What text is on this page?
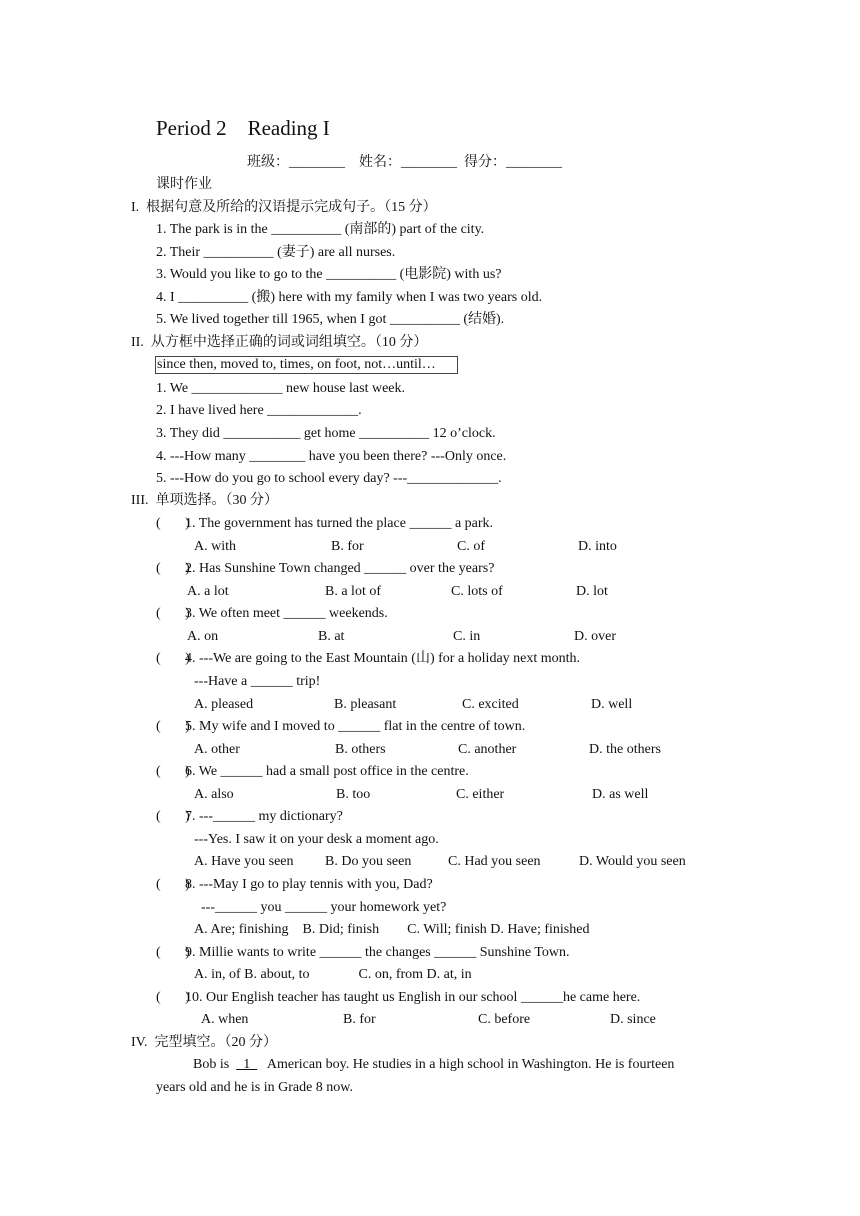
Period 2    Reading I
班级：________    姓名：________  得分：________
课时作业
I.  根据句意及所给的汉语提示完成句子。（15 分）
1. The park is in the __________ (南部的) part of the city.
2. Their __________ (妻子) are all nurses.
3. Would you like to go to the __________ (电影院) with us?
4. I __________ (搬) here with my family when I was two years old.
5. We lived together till 1965, when I got __________ (结婚).
II.  从方框中选择正确的词或词组填空。（10 分）
since then, moved to, times, on foot, not…until…
1. We _____________ new house last week.
2. I have lived here _____________.
3. They did ___________ get home __________ 12 o’clock.
4. ---How many ________ have you been there? ---Only once.
5. ---How do you go to school every day? ---_____________.
III.  单项选择。（30 分）
(       )
1. The government has turned the place ______ a park.
A. with	B. for	C. of	D. into
(       )
2. Has Sunshine Town changed ______ over the years?
A. a lot	B. a lot of	C. lots of	D. lot
(       )
3. We often meet ______ weekends.
A. on	B. at	C. in	D. over
(       )
4. ---We are going to the East Mountain (山) for a holiday next month.
---Have a ______ trip!
A. pleased	B. pleasant	C. excited	D. well
(       )
5. My wife and I moved to ______ flat in the centre of town.
A. other	B. others	C. another	D. the others
(       )
6. We ______ had a small post office in the centre.
A. also	B. too	C. either	D. as well
(       )
7. ---______ my dictionary?
---Yes. I saw it on your desk a moment ago.
A. Have you seen B. Do you seen	C. Had you seen	D. Would you seen
(       )
8. ---May I go to play tennis with you, Dad?
---______ you ______ your homework yet?
A. Are; finishing    B. Did; finish        C. Will; finish D. Have; finished
(       )
9. Millie wants to write ______ the changes ______ Sunshine Town.
A. in, of B. about, to              C. on, from D. at, in
(       )
10. Our English teacher has taught us English in our school ______he came here.
A. when	B. for	C. before	D. since
IV.  完型填空。（20 分）
Bob is    1     American boy. He studies in a high school in Washington. He is fourteen
years old and he is in Grade 8 now.
